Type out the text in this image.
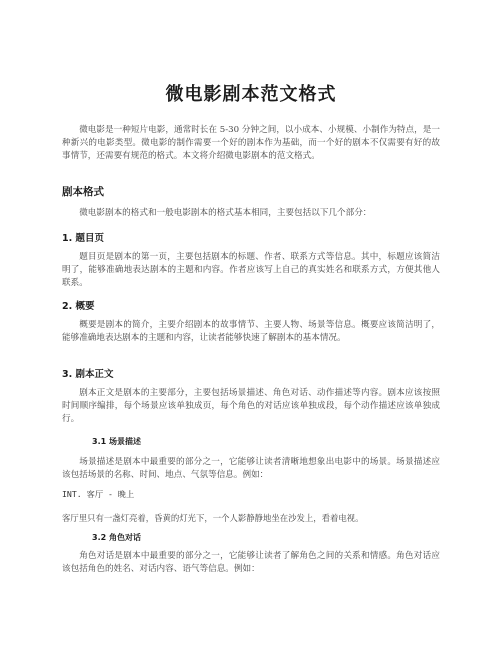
微电影剧本范文格式

微电影是一种短片电影，通常时长在 5-30 分钟之间，以小成本、小规模、小制作为特点，是一种新兴的电影类型。微电影的制作需要一个好的剧本作为基础，而一个好的剧本不仅需要有好的故事情节，还需要有规范的格式。本文将介绍微电影剧本的范文格式。

剧本格式

微电影剧本的格式和一般电影剧本的格式基本相同，主要包括以下几个部分：

1. 题目页

题目页是剧本的第一页，主要包括剧本的标题、作者、联系方式等信息。其中，标题应该简洁明了，能够准确地表达剧本的主题和内容。作者应该写上自己的真实姓名和联系方式，方便其他人联系。

2. 概要

概要是剧本的简介，主要介绍剧本的故事情节、主要人物、场景等信息。概要应该简洁明了，能够准确地表达剧本的主题和内容，让读者能够快速了解剧本的基本情况。

3. 剧本正文

剧本正文是剧本的主要部分，主要包括场景描述、角色对话、动作描述等内容。剧本应该按照时间顺序编排，每个场景应该单独成页，每个角色的对话应该单独成段，每个动作描述应该单独成行。

3.1 场景描述

场景描述是剧本中最重要的部分之一，它能够让读者清晰地想象出电影中的场景。场景描述应该包括场景的名称、时间、地点、气氛等信息。例如：

INT. 客厅 - 晚上

客厅里只有一盏灯亮着，昏黄的灯光下，一个人影静静地坐在沙发上，看着电视。

3.2 角色对话

角色对话是剧本中最重要的部分之一，它能够让读者了解角色之间的关系和情感。角色对话应该包括角色的姓名、对话内容、语气等信息。例如：
